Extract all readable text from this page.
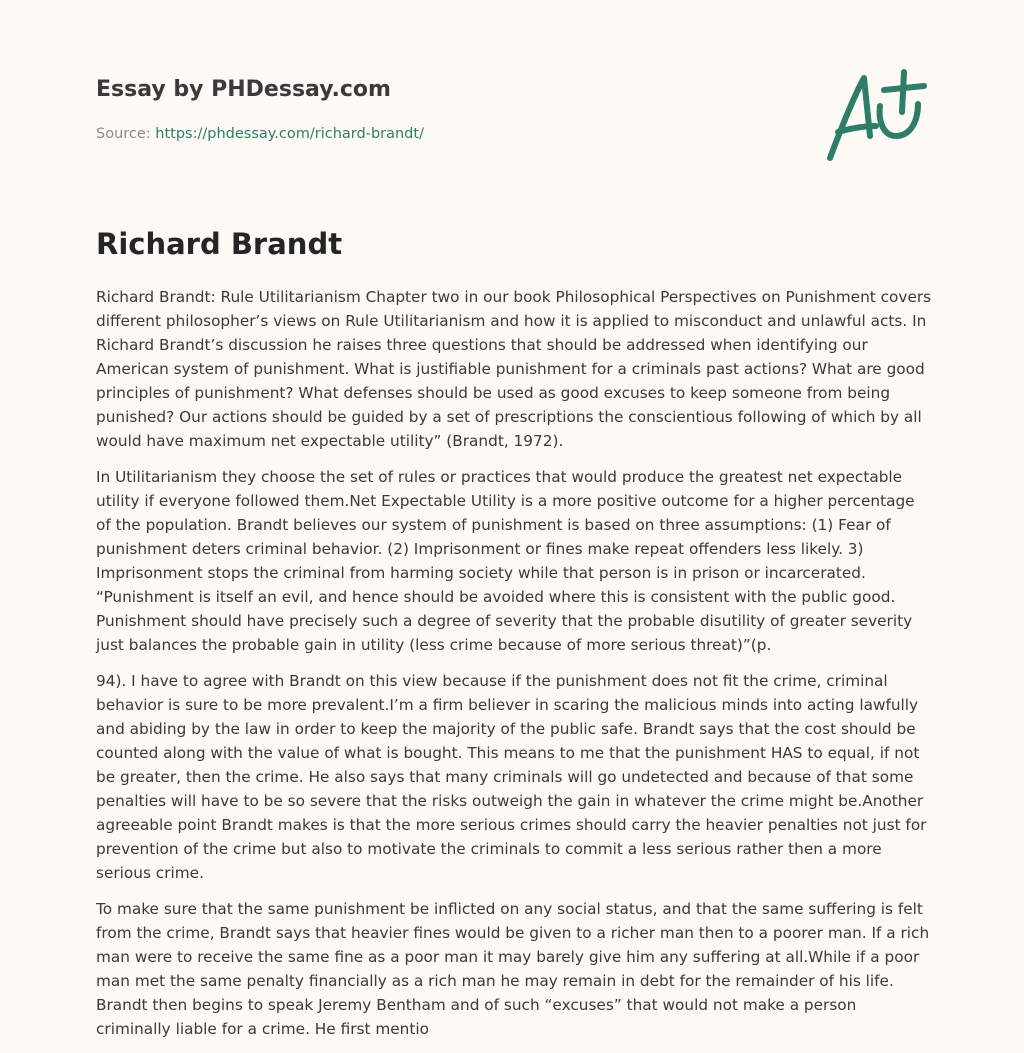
Essay by PHDessay.com
Source: https://phdessay.com/richard-brandt/
Richard Brandt

Richard Brandt: Rule Utilitarianism Chapter two in our book Philosophical Perspectives on Punishment covers different philosopher’s views on Rule Utilitarianism and how it is applied to misconduct and unlawful acts. In Richard Brandt’s discussion he raises three questions that should be addressed when identifying our American system of punishment. What is justifiable punishment for a criminals past actions? What are good principles of punishment? What defenses should be used as good excuses to keep someone from being punished? Our actions should be guided by a set of prescriptions the conscientious following of which by all would have maximum net expectable utility” (Brandt, 1972).

In Utilitarianism they choose the set of rules or practices that would produce the greatest net expectable utility if everyone followed them.Net Expectable Utility is a more positive outcome for a higher percentage of the population. Brandt believes our system of punishment is based on three assumptions: (1) Fear of punishment deters criminal behavior. (2) Imprisonment or fines make repeat offenders less likely. 3) Imprisonment stops the criminal from harming society while that person is in prison or incarcerated. “Punishment is itself an evil, and hence should be avoided where this is consistent with the public good. Punishment should have precisely such a degree of severity that the probable disutility of greater severity just balances the probable gain in utility (less crime because of more serious threat)”(p.

94). I have to agree with Brandt on this view because if the punishment does not fit the crime, criminal behavior is sure to be more prevalent.I’m a firm believer in scaring the malicious minds into acting lawfully and abiding by the law in order to keep the majority of the public safe. Brandt says that the cost should be counted along with the value of what is bought. This means to me that the punishment HAS to equal, if not be greater, then the crime. He also says that many criminals will go undetected and because of that some penalties will have to be so severe that the risks outweigh the gain in whatever the crime might be.Another agreeable point Brandt makes is that the more serious crimes should carry the heavier penalties not just for prevention of the crime but also to motivate the criminals to commit a less serious rather then a more serious crime.

To make sure that the same punishment be inflicted on any social status, and that the same suffering is felt from the crime, Brandt says that heavier fines would be given to a richer man then to a poorer man. If a rich man were to receive the same fine as a poor man it may barely give him any suffering at all.While if a poor man met the same penalty financially as a rich man he may remain in debt for the remainder of his life. Brandt then begins to speak Jeremy Bentham and of such “excuses” that would not make a person criminally liable for a crime. He first mentio
